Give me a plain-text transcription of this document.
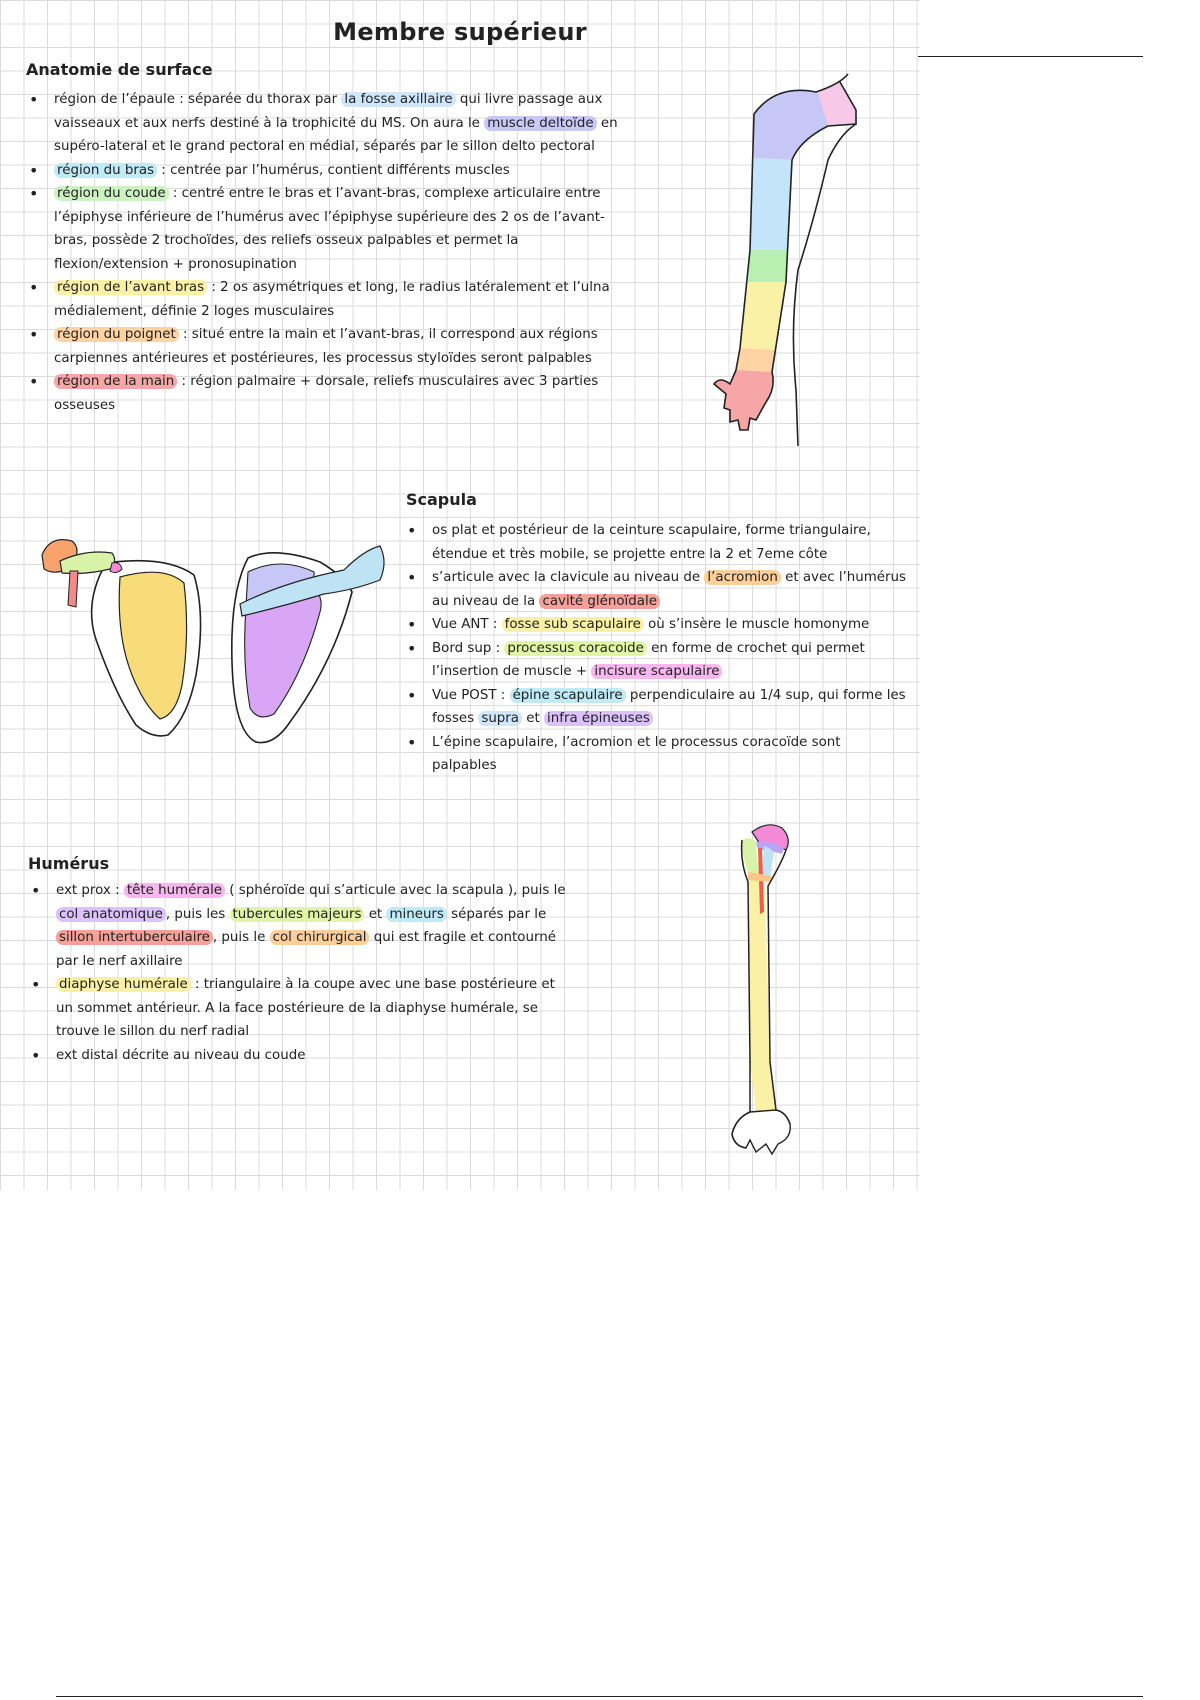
Membre supérieur
Anatomie de surface
• région de l’épaule : séparée du thorax par la fosse axillaire qui livre passage aux vaisseaux et aux nerfs destiné à la trophicité du MS. On aura le muscle deltoïde en supéro-lateral et le grand pectoral en médial, séparés par le sillon delto pectoral
• région du bras : centrée par l’humérus, contient différents muscles
• région du coude : centré entre le bras et l’avant-bras, complexe articulaire entre l’épiphyse inférieure de l’humérus avec l’épiphyse supérieure des 2 os de l’avant-bras, possède 2 trochoïdes, des reliefs osseux palpables et permet la flexion/extension + pronosupination
• région de l’avant bras : 2 os asymétriques et long, le radius latéralement et l’ulna médialement, définie 2 loges musculaires
• région du poignet : situé entre la main et l’avant-bras, il correspond aux régions carpiennes antérieures et postérieures, les processus styloïdes seront palpables
• région de la main : région palmaire + dorsale, reliefs musculaires avec 3 parties osseuses
Scapula
• os plat et postérieur de la ceinture scapulaire, forme triangulaire, étendue et très mobile, se projette entre la 2 et 7eme côte
• s’articule avec la clavicule au niveau de l’acromion et avec l’humérus au niveau de la cavité glénoïdale
• Vue ANT : fosse sub scapulaire où s’insère le muscle homonyme
• Bord sup : processus coracoide en forme de crochet qui permet l’insertion de muscle + incisure scapulaire
• Vue POST : épine scapulaire perpendiculaire au 1/4 sup, qui forme les fosses supra et infra épineuses
• L’épine scapulaire, l’acromion et le processus coracoïde sont palpables
Humérus
• ext prox : tête humérale ( sphéroïde qui s’articule avec la scapula ), puis le col anatomique , puis les tubercules majeurs et mineurs séparés par le sillon intertuberculaire , puis le col chirurgical qui est fragile et contourné par le nerf axillaire
• diaphyse humérale : triangulaire à la coupe avec une base postérieure et un sommet antérieur. A la face postérieure de la diaphyse humérale, se trouve le sillon du nerf radial
• ext distal décrite au niveau du coude
